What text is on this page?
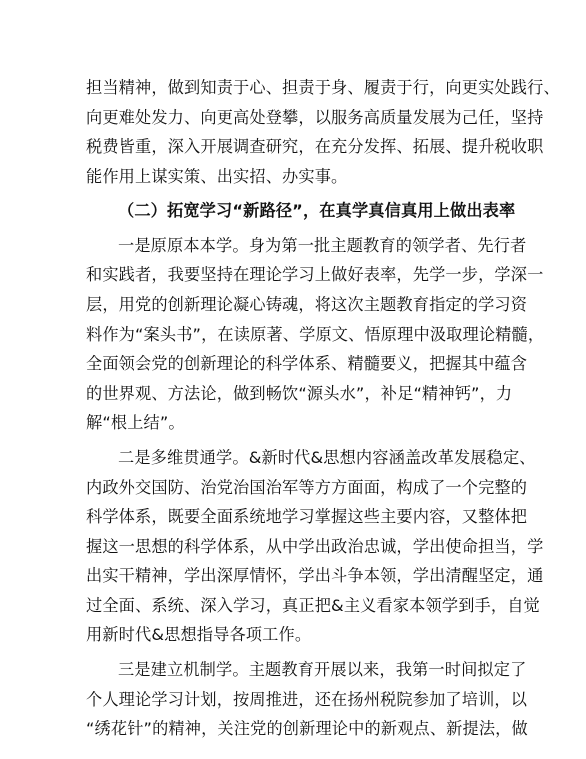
担当精神，做到知责于心、担责于身、履责于行，向更实处践行、
向更难处发力、向更高处登攀，以服务高质量发展为己任，坚持
税费皆重，深入开展调查研究，在充分发挥、拓展、提升税收职
能作用上谋实策、出实招、办实事。
（二）拓宽学习“新路径”，在真学真信真用上做出表率
一是原原本本学。身为第一批主题教育的领学者、先行者
和实践者，我要坚持在理论学习上做好表率，先学一步，学深一
层，用党的创新理论凝心铸魂，将这次主题教育指定的学习资
料作为“案头书”，在读原著、学原文、悟原理中汲取理论精髓，
全面领会党的创新理论的科学体系、精髓要义，把握其中蕴含
的世界观、方法论，做到畅饮“源头水”，补足“精神钙”，力
解“根上结”。
二是多维贯通学。&新时代&思想内容涵盖改革发展稳定、
内政外交国防、治党治国治军等方方面面，构成了一个完整的
科学体系，既要全面系统地学习掌握这些主要内容，又整体把
握这一思想的科学体系，从中学出政治忠诚，学出使命担当，学
出实干精神，学出深厚情怀，学出斗争本领，学出清醒坚定，通
过全面、系统、深入学习，真正把&主义看家本领学到手，自觉
用新时代&思想指导各项工作。
三是建立机制学。主题教育开展以来，我第一时间拟定了
个人理论学习计划，按周推进，还在扬州税院参加了培训，以
“绣花针”的精神，关注党的创新理论中的新观点、新提法，做
